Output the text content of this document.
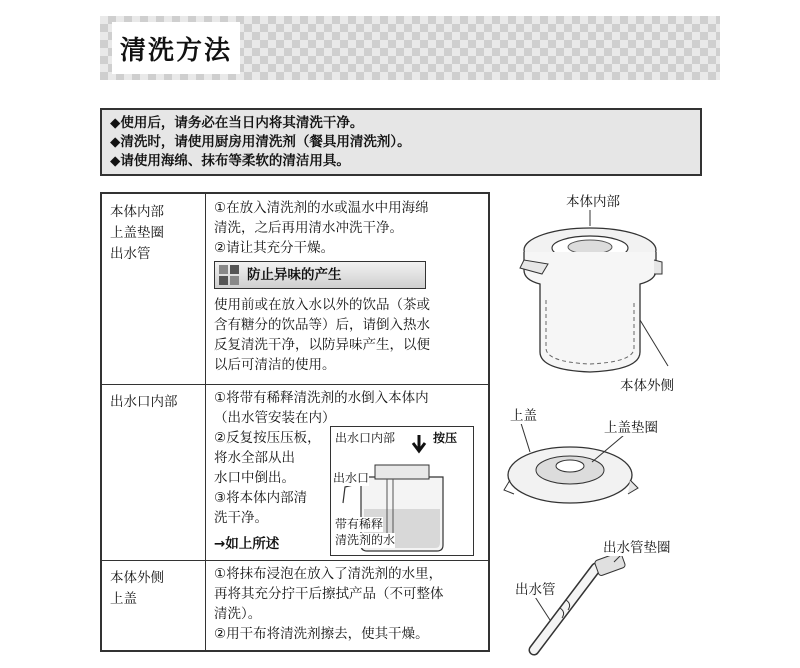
清洗方法
◆使用后，请务必在当日内将其清洗干净。
◆清洗时，请使用厨房用清洗剂（餐具用清洗剂）。
◆请使用海绵、抹布等柔软的清洁用具。
本体内部
上盖垫圈
出水管
①在放入清洗剂的水或温水中用海绵
清洗，之后再用清水冲洗干净。
②请让其充分干燥。
防止异味的产生
使用前或在放入水以外的饮品（茶或
含有糖分的饮品等）后，请倒入热水
反复清洗干净，以防异味产生，以便
以后可清洁的使用。
出水口内部	①将带有稀释清洗剂的水倒入本体内
（出水管安装在内）
②反复按压压板，
将水全部从出
水口中倒出。
③将本体内部清
洗干净。
→如上所述
出水口内部	按压
出水口
带有稀释
清洗剂的水
本体外侧
上盖
①将抹布浸泡在放入了清洗剂的水里，
再将其充分拧干后擦拭产品（不可整体
清洗）。
②用干布将清洗剂擦去，使其干燥。
本体内部
本体外侧
上盖
上盖垫圈
出水管垫圈
出水管
